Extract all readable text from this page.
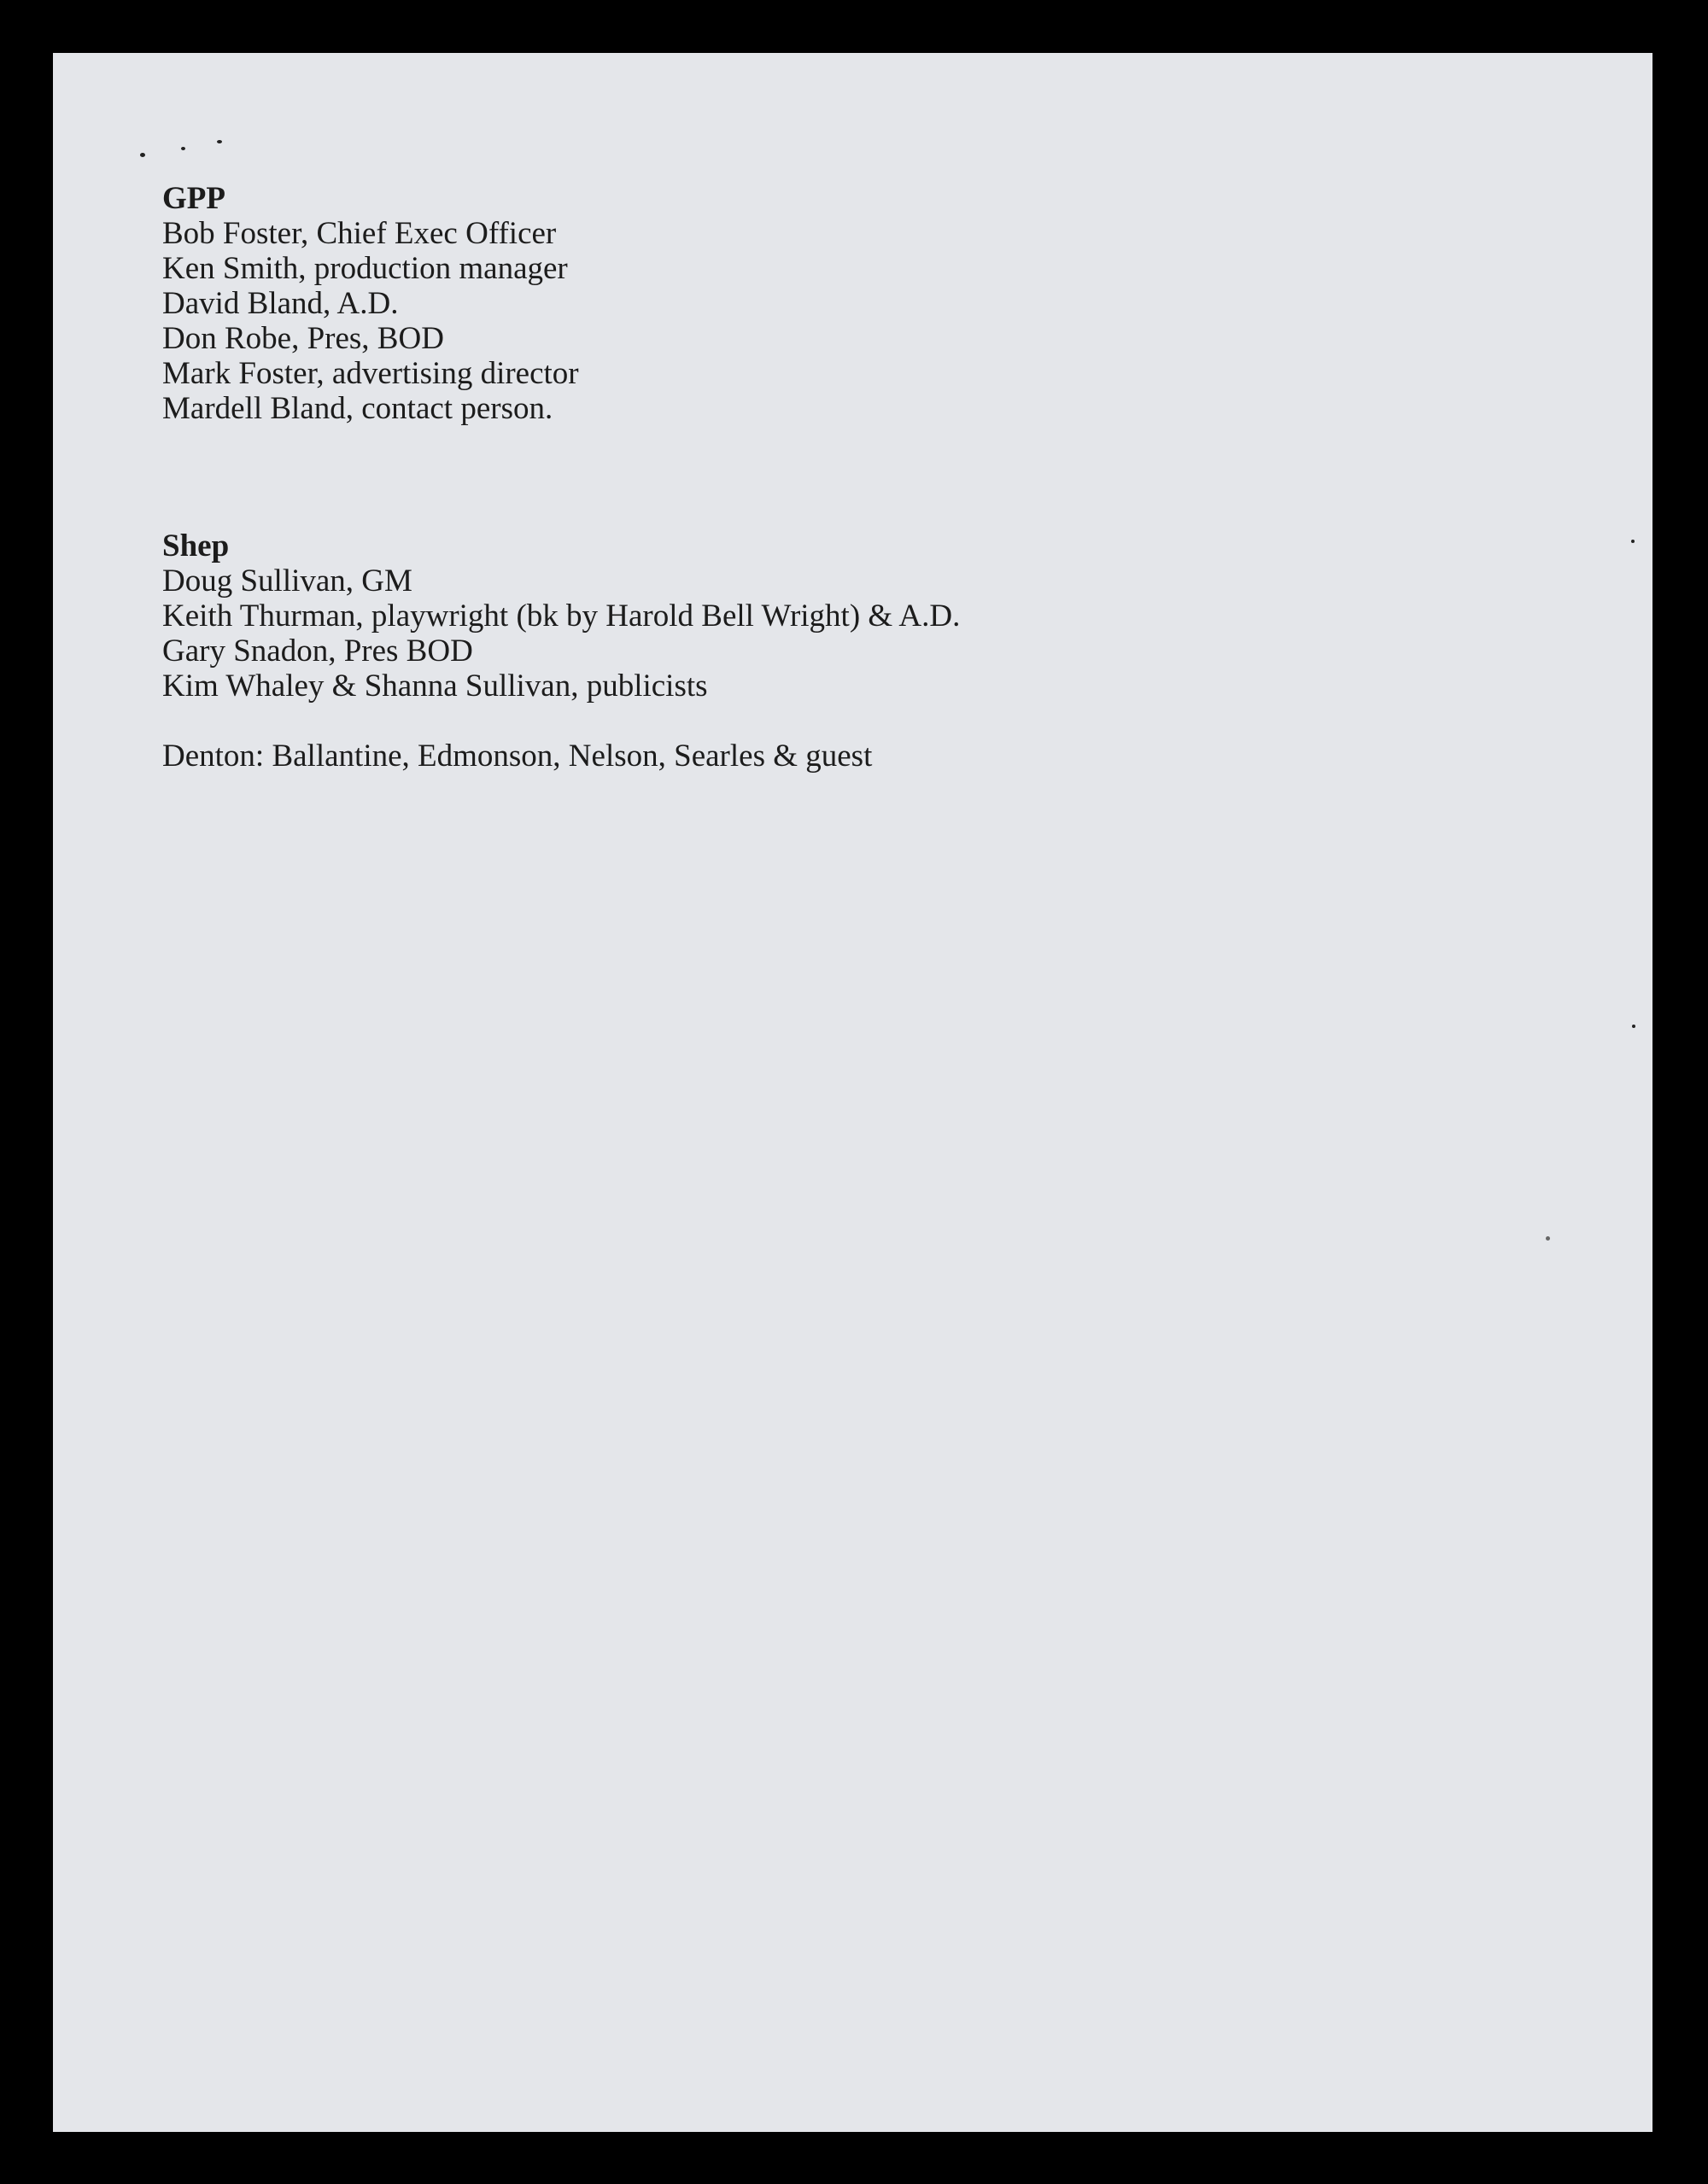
GPP

Bob Foster, Chief Exec Officer

Ken Smith, production manager

David Bland, A.D.

Don Robe, Pres, BOD

Mark Foster, advertising director

Mardell Bland, contact person.

Shep

Doug Sullivan, GM

Keith Thurman, playwright (bk by Harold Bell Wright) & A.D.

Gary Snadon, Pres BOD

Kim Whaley & Shanna Sullivan, publicists

Denton: Ballantine, Edmonson, Nelson, Searles & guest
